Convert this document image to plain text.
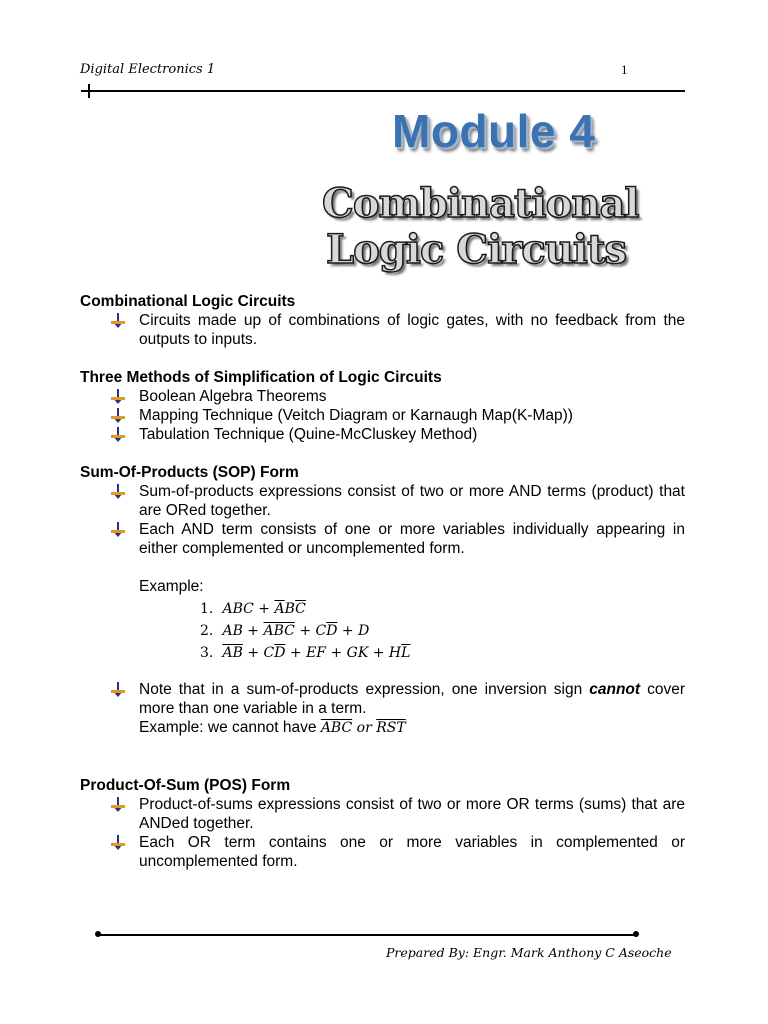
Digital Electronics 1	1
Module 4
Combinational
Logic Circuits

Combinational Logic Circuits

Circuits made up of combinations of logic gates, with no feedback from the outputs to inputs.

Three Methods of Simplification of Logic Circuits

Boolean Algebra Theorems
Mapping Technique (Veitch Diagram or Karnaugh Map(K-Map))
Tabulation Technique (Quine-McCluskey Method)

Sum-Of-Products (SOP) Form

Sum-of-products expressions consist of two or more AND terms (product) that are ORed together.
Each AND term consists of one or more variables individually appearing in either complemented or uncomplemented form.
Example:
1. ABC + $\overline{A}B\overline{C}$
2. AB + $\overline{A}\overline{BC} + C\overline{D} + D$
3. $\overline{A}\overline{B} + C\overline{D}$ + EF + GK + $H\overline{L}$
Note that in a sum-of-products expression, one inversion sign cannot cover more than one variable in a term.
Example: we cannot have $\overline{ABC}$ or $\overline{RST}$

Product-Of-Sum (POS) Form

Product-of-sums expressions consist of two or more OR terms (sums) that are ANDed together.
Each OR term contains one or more variables in complemented or uncomplemented form.
Prepared By: Engr. Mark Anthony C Aseoche
